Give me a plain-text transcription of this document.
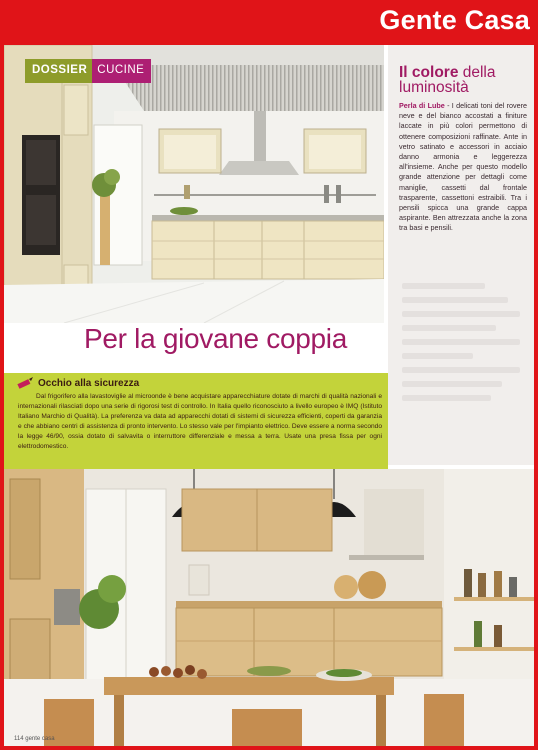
Gente Casa
DOSSIER CUCINE	Il colore della luminosità
Perla di Lube - I delicati toni del rovere neve e del bianco accostati a finiture laccate in più colori permettono di ottenere composizioni raffinate. Ante in vetro satinato e accessori in acciaio danno armonia e leggerezza all'insieme. Anche per questo modello grande attenzione per dettagli come maniglie, cassetti dal frontale trasparente, cassettoni estraibili. Tra i pensili spicca una grande cappa aspirante. Ben attrezzata anche la zona tra basi e pensili.
Per la giovane coppia
Occhio alla sicurezza
Dal frigorifero alla lavastoviglie al microonde è bene acquistare apparecchiature dotate di marchi di qualità nazionali e internazionali rilasciati dopo una serie di rigorosi test di controllo. In Italia quello riconosciuto a livello europeo è IMQ (Istituto Italiano Marchio di Qualità). La preferenza va data ad apparecchi dotati di sistemi di sicurezza efficienti, coperti da garanzia e che abbiano centri di assistenza di pronto intervento. Lo stesso vale per l'impianto elettrico. Deve essere a norma secondo la legge 46/90, ossia dotato di salvavita o interruttore differenziale e messa a terra. Usate una presa fissa per ogni elettrodomestico.
114 gente casa
